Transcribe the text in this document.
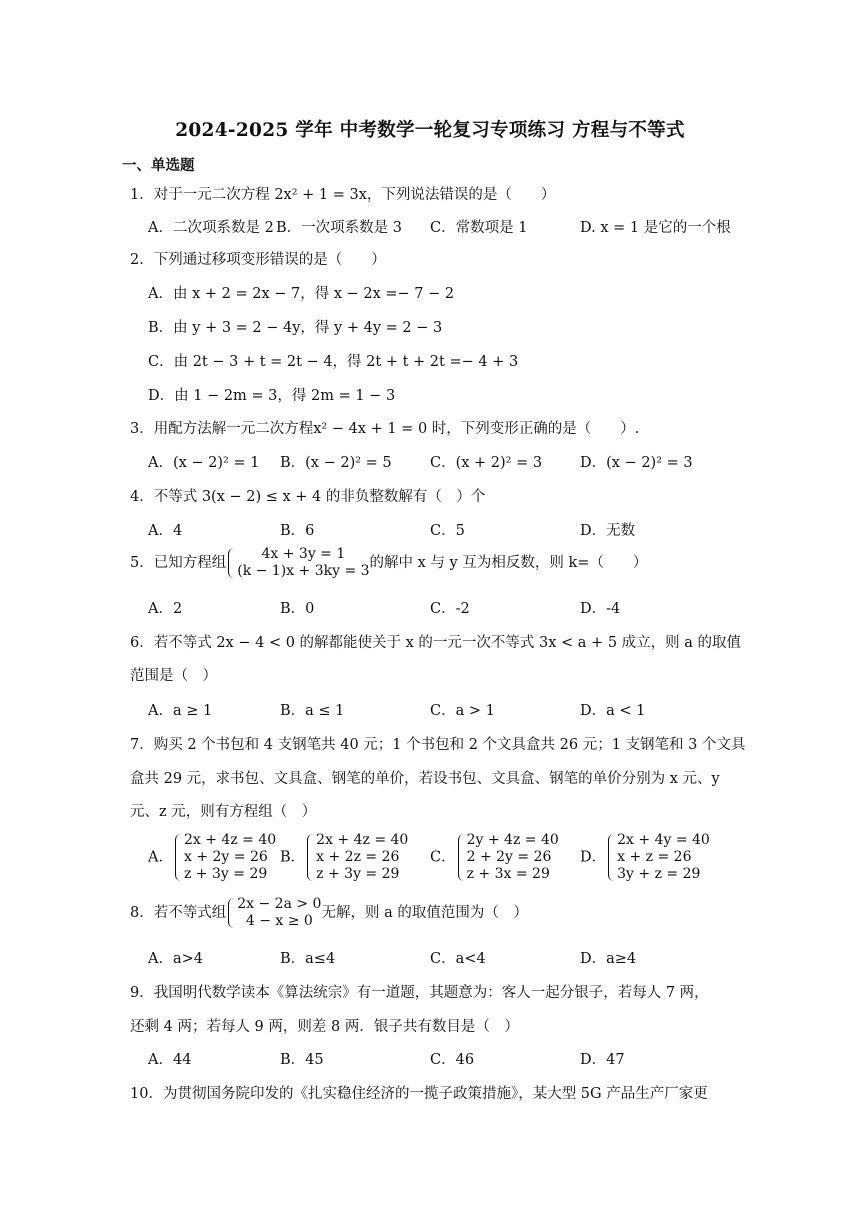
2024-2025 学年 中考数学一轮复习专项练习 方程与不等式
一、单选题
1．对于一元二次方程 2x² + 1 = 3x，下列说法错误的是（　　）
A．二次项系数是 2 B．一次项系数是 3 C．常数项是 1	D. x = 1 是它的一个根
2．下列通过移项变形错误的是（　　）
A．由 x + 2 = 2x − 7，得 x − 2x =− 7 − 2
B．由 y + 3 = 2 − 4y，得 y + 4y = 2 − 3
C．由 2t − 3 + t = 2t − 4，得 2t + t + 2t =− 4 + 3
D．由 1 − 2m = 3，得 2m = 1 − 3
3．用配方法解一元二次方程x² − 4x + 1 = 0 时，下列变形正确的是（　　）.
A．(x − 2)² = 1 B．(x − 2)² = 5	C．(x + 2)² = 3	D．(x − 2)² = 3
4．不等式 3(x − 2) ≤ x + 4 的非负整数解有（　）个
A．4	B．6	C．5	D．无数
5．已知方程组
4x + 3y = 1
(k − 1)x + 3ky = 3 的解中 x 与 y 互为相反数，则 k=（　　）
A．2	B．0	C．-2	D．-4
6．若不等式 2x − 4 < 0 的解都能使关于 x 的一元一次不等式 3x < a + 5 成立，则 a 的取值
范围是（　）
A．a ≥ 1	B．a ≤ 1	C．a > 1	D．a < 1
7．购买 2 个书包和 4 支钢笔共 40 元；1 个书包和 2 个文具盒共 26 元；1 支钢笔和 3 个文具
盒共 29 元，求书包、文具盒、钢笔的单价，若设书包、文具盒、钢笔的单价分别为 x 元、y
元、z 元，则有方程组（　）
A．
2x + 4z = 40
x + 2y = 26
z + 3y = 29
B．
2x + 4z = 40
x + 2z = 26
z + 3y = 29
C．
2y + 4z = 40
2 + 2y = 26
z + 3x = 29
D．
2x + 4y = 40
x + z = 26
3y + z = 29
8．若不等式组
2x − 2a > 0
4 − x ≥ 0 无解，则 a 的取值范围为（　）
A．a>4	B．a≤4	C．a<4	D．a≥4
9．我国明代数学读本《算法统宗》有一道题，其题意为：客人一起分银子，若每人 7 两，
还剩 4 两；若每人 9 两，则差 8 两．银子共有数目是（　）
A．44	B．45	C．46	D．47
10．为贯彻国务院印发的《扎实稳住经济的一揽子政策措施》，某大型 5G 产品生产厂家更
